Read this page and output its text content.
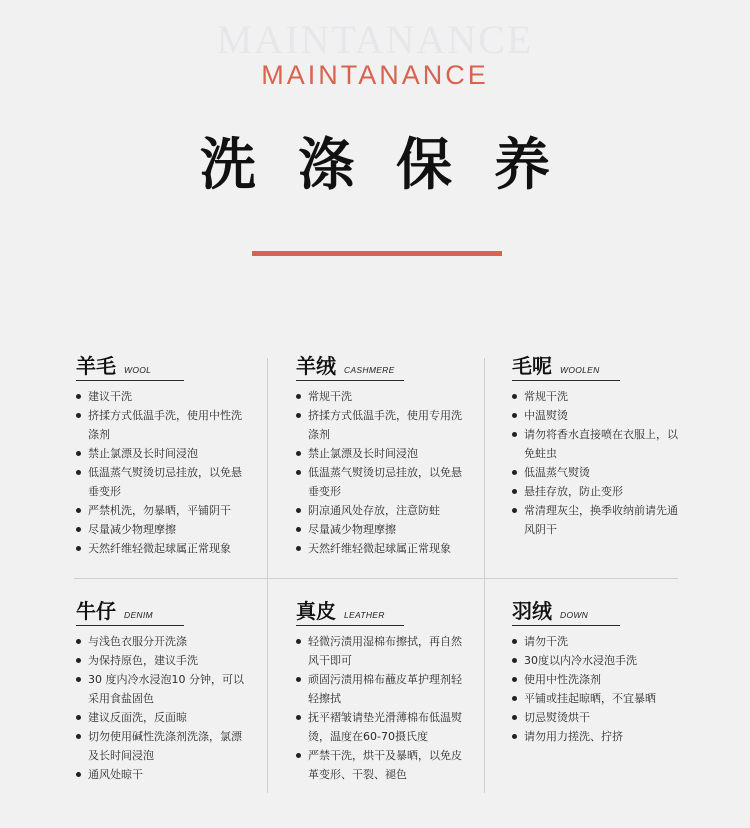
MAINTANANCE
MAINTANANCE
洗涤保养
羊毛 WOOL
建议干洗
挤揉方式低温手洗，使用中性洗涤剂
禁止氯漂及长时间浸泡
低温蒸气熨烫切忌挂放，以免悬垂变形
严禁机洗，勿暴晒，平铺阴干
尽量减少物理摩擦
天然纤维轻微起球属正常现象
羊绒 CASHMERE
常规干洗
挤揉方式低温手洗，使用专用洗涤剂
禁止氯漂及长时间浸泡
低温蒸气熨烫切忌挂放，以免悬垂变形
阴凉通风处存放，注意防蛀
尽量减少物理摩擦
天然纤维轻微起球属正常现象
毛呢 WOOLEN
常规干洗
中温熨烫
请勿将香水直接喷在衣服上，以免蛀虫
低温蒸气熨烫
悬挂存放，防止变形
常清理灰尘，换季收纳前请先通风阴干
牛仔 DENIM
与浅色衣服分开洗涤
为保持原色，建议手洗
30 度内冷水浸泡10 分钟，可以采用食盐固色
建议反面洗，反面晾
切勿使用碱性洗涤剂洗涤，氯漂及长时间浸泡
通风处晾干
真皮 LEATHER
轻微污渍用湿棉布擦拭，再自然风干即可
顽固污渍用棉布蘸皮革护理剂轻轻擦拭
抚平褶皱请垫光滑薄棉布低温熨烫，温度在60-70摄氏度
严禁干洗，烘干及暴晒，以免皮革变形、干裂、褪色
羽绒 DOWN
请勿干洗
30度以内冷水浸泡手洗
使用中性洗涤剂
平铺或挂起晾晒，不宜暴晒
切忌熨烫烘干
请勿用力搓洗、拧挤
